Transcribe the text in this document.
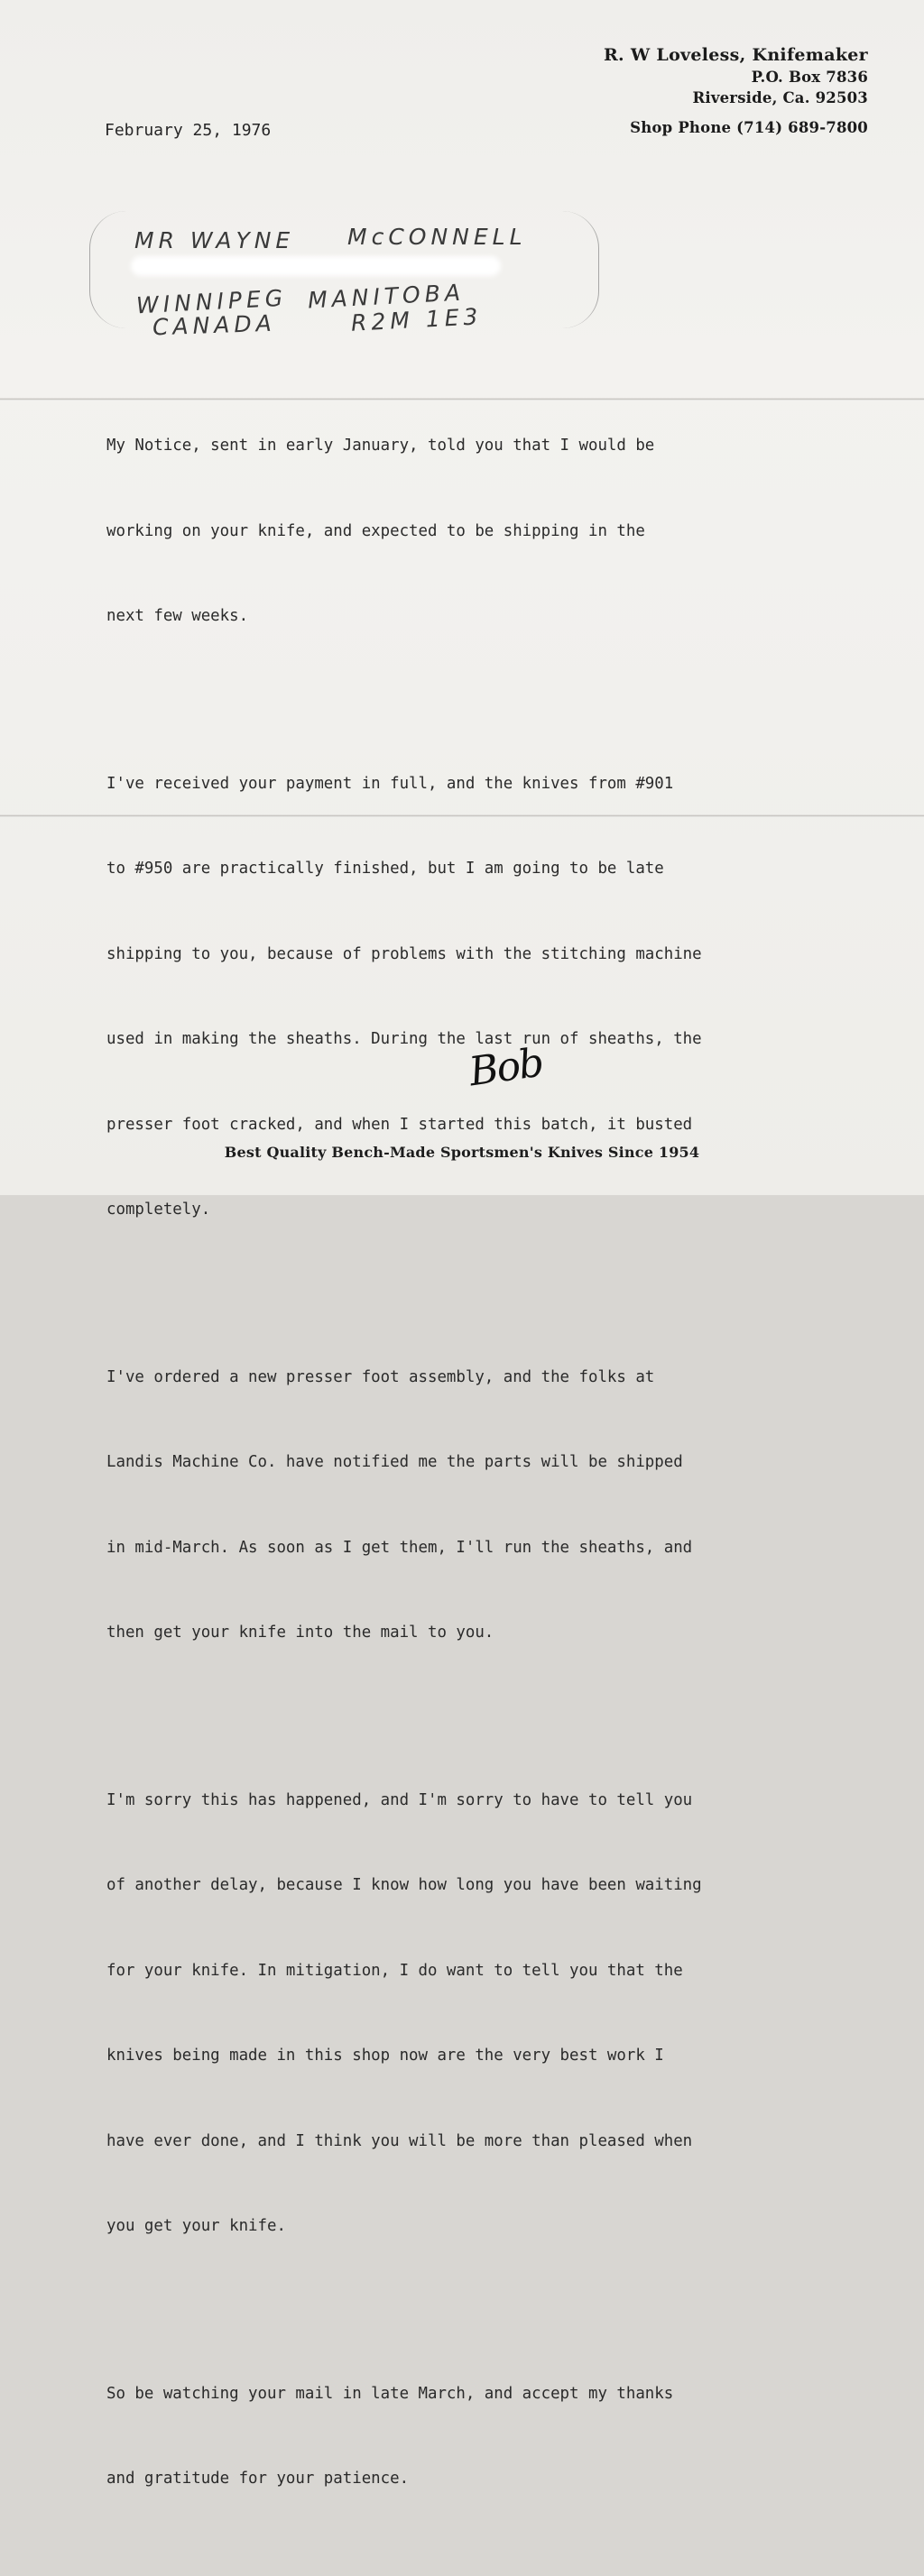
R. W Loveless, Knifemaker
P.O. Box 7836
Riverside, Ca. 92503
Shop Phone (714) 689-7800
February 25, 1976
MR WAYNE McCONNELL
WINNIPEG MANITOBA
CANADA	R2M 1E3

My Notice, sent in early January, told you that I would be

working on your knife, and expected to be shipping in the

next few weeks.

I've received your payment in full, and the knives from #901

to #950 are practically finished, but I am going to be late

shipping to you, because of problems with the stitching machine

used in making the sheaths. During the last run of sheaths, the

presser foot cracked, and when I started this batch, it busted

completely.

I've ordered a new presser foot assembly, and the folks at

Landis Machine Co. have notified me the parts will be shipped

in mid-March. As soon as I get them, I'll run the sheaths, and

then get your knife into the mail to you.

I'm sorry this has happened, and I'm sorry to have to tell you

of another delay, because I know how long you have been waiting

for your knife. In mitigation, I do want to tell you that the

knives being made in this shop now are the very best work I

have ever done, and I think you will be more than pleased when

you get your knife.

So be watching your mail in late March, and accept my thanks

and gratitude for your patience.

Bob
Best Quality Bench-Made Sportsmen's Knives Since 1954
